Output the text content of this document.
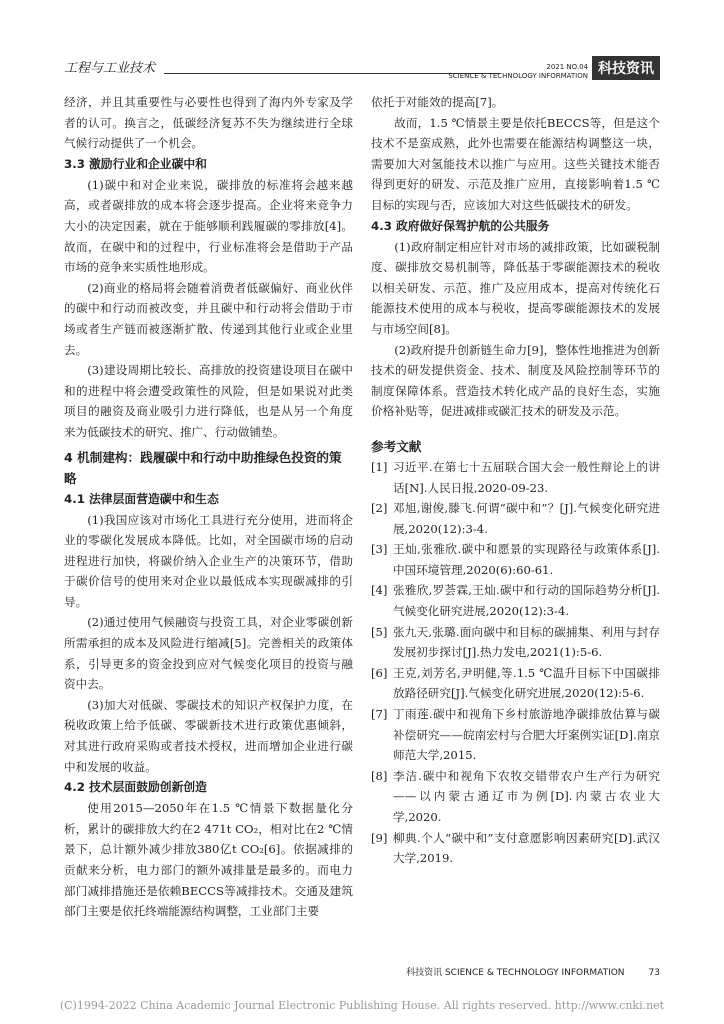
工程与工业技术	2021 NO.04
SCIENCE & TECHNOLOGY INFORMATION 科技资讯

经济，并且其重要性与必要性也得到了海内外专家及学者的认可。换言之，低碳经济复苏不失为继续进行全球气候行动提供了一个机会。

3.3 激励行业和企业碳中和

(1)碳中和对企业来说，碳排放的标准将会越来越高，或者碳排放的成本将会逐步提高。企业将来竞争力大小的决定因素，就在于能够顺利践履碳的零排放[4]。故而，在碳中和的过程中，行业标准将会是借助于产品市场的竞争来实质性地形成。

(2)商业的格局将会随着消费者低碳偏好、商业伙伴的碳中和行动而被改变，并且碳中和行动将会借助于市场或者生产链而被逐渐扩散、传递到其他行业或企业里去。

(3)建设周期比较长、高排放的投资建设项目在碳中和的进程中将会遭受政策性的风险，但是如果说对此类项目的融资及商业吸引力进行降低，也是从另一个角度来为低碳技术的研究、推广、行动做铺垫。

4 机制建构：践履碳中和行动中助推绿色投资的策略
4.1 法律层面营造碳中和生态

(1)我国应该对市场化工具进行充分使用，进而将企业的零碳化发展成本降低。比如，对全国碳市场的启动进程进行加快，将碳价纳入企业生产的决策环节，借助于碳价信号的使用来对企业以最低成本实现碳减排的引导。

(2)通过使用气候融资与投资工具，对企业零碳创新所需承担的成本及风险进行缩减[5]。完善相关的政策体系，引导更多的资金投到应对气候变化项目的投资与融资中去。

(3)加大对低碳、零碳技术的知识产权保护力度，在税收政策上给予低碳、零碳新技术进行政策优惠倾斜，对其进行政府采购或者技术授权，进而增加企业进行碳中和发展的收益。

4.2 技术层面鼓励创新创造

使用2015—2050年在1.5 ℃情景下数据量化分析，累计的碳排放大约在2 471t CO₂，相对比在2 ℃情景下，总计额外减少排放380亿t CO₂[6]。依据减排的贡献来分析，电力部门的额外减排量是最多的。而电力部门减排措施还是依赖BECCS等减排技术。交通及建筑部门主要是依托终端能源结构调整，工业部门主要

依托于对能效的提高[7]。

故而，1.5 ℃情景主要是依托BECCS等，但是这个技术不是蛮成熟，此外也需要在能源结构调整这一块，需要加大对氢能技术以推广与应用。这些关键技术能否得到更好的研发、示范及推广应用，直接影响着1.5 ℃目标的实现与否，应该加大对这些低碳技术的研发。

4.3 政府做好保驾护航的公共服务

(1)政府制定相应针对市场的减排政策，比如碳税制度、碳排放交易机制等，降低基于零碳能源技术的税收以相关研发、示范、推广及应用成本，提高对传统化石能源技术使用的成本与税收，提高零碳能源技术的发展与市场空间[8]。

(2)政府提升创新链生命力[9]，整体性地推进为创新技术的研发提供资金、技术、制度及风险控制等环节的制度保障体系。营造技术转化成产品的良好生态，实施价格补贴等，促进减排或碳汇技术的研发及示范。

参考文献
[1] 习近平.在第七十五届联合国大会一般性辩论上的讲话[N].人民日报,2020-09-23.
[2] 邓旭,谢俊,滕飞.何谓“碳中和”？[J].气候变化研究进展,2020(12):3-4.
[3] 王灿,张雅欣.碳中和愿景的实现路径与政策体系[J].中国环境管理,2020(6):60-61.
[4] 张雅欣,罗荟霖,王灿.碳中和行动的国际趋势分析[J].气候变化研究进展,2020(12):3-4.
[5] 张九天,张璐.面向碳中和目标的碳捕集、利用与封存发展初步探讨[J].热力发电,2021(1):5-6.
[6] 王克,刘芳名,尹明健,等.1.5 ℃温升目标下中国碳排放路径研究[J].气候变化研究进展,2020(12):5-6.
[7] 丁雨莲.碳中和视角下乡村旅游地净碳排放估算与碳补偿研究——皖南宏村与合肥大圩案例实证[D].南京师范大学,2015.
[8] 李洁.碳中和视角下农牧交错带农户生产行为研究——以内蒙古通辽市为例[D].内蒙古农业大学,2020.
[9] 柳典.个人“碳中和”支付意愿影响因素研究[D].武汉大学,2019.
科技资讯 SCIENCE & TECHNOLOGY INFORMATION	73
(C)1994-2022 China Academic Journal Electronic Publishing House. All rights reserved. http://www.cnki.net
